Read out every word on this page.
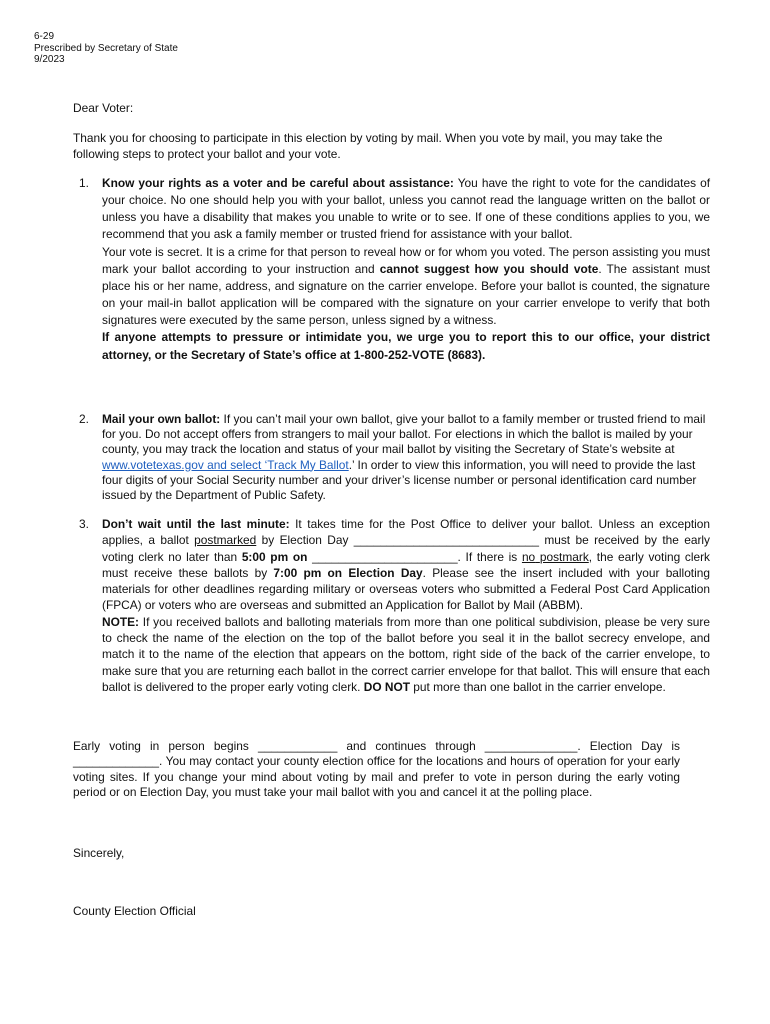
6-29
Prescribed by Secretary of State
9/2023
Dear Voter:
Thank you for choosing to participate in this election by voting by mail. When you vote by mail, you may take the following steps to protect your ballot and your vote.
1. Know your rights as a voter and be careful about assistance: You have the right to vote for the candidates of your choice. No one should help you with your ballot, unless you cannot read the language written on the ballot or unless you have a disability that makes you unable to write or to see. If one of these conditions applies to you, we recommend that you ask a family member or trusted friend for assistance with your ballot.
Your vote is secret. It is a crime for that person to reveal how or for whom you voted. The person assisting you must mark your ballot according to your instruction and cannot suggest how you should vote. The assistant must place his or her name, address, and signature on the carrier envelope. Before your ballot is counted, the signature on your mail-in ballot application will be compared with the signature on your carrier envelope to verify that both signatures were executed by the same person, unless signed by a witness.
If anyone attempts to pressure or intimidate you, we urge you to report this to our office, your district attorney, or the Secretary of State’s office at 1-800-252-VOTE (8683).
2. Mail your own ballot: If you can’t mail your own ballot, give your ballot to a family member or trusted friend to mail for you. Do not accept offers from strangers to mail your ballot. For elections in which the ballot is mailed by your county, you may track the location and status of your mail ballot by visiting the Secretary of State’s website at www.votetexas.gov and select ‘Track My Ballot.’ In order to view this information, you will need to provide the last four digits of your Social Security number and your driver’s license number or personal identification card number issued by the Department of Public Safety.
3. Don’t wait until the last minute: It takes time for the Post Office to deliver your ballot. Unless an exception applies, a ballot postmarked by Election Day ____________________________ must be received by the early voting clerk no later than 5:00 pm on ______________________. If there is no postmark, the early voting clerk must receive these ballots by 7:00 pm on Election Day. Please see the insert included with your balloting materials for other deadlines regarding military or overseas voters who submitted a Federal Post Card Application (FPCA) or voters who are overseas and submitted an Application for Ballot by Mail (ABBM).
NOTE: If you received ballots and balloting materials from more than one political subdivision, please be very sure to check the name of the election on the top of the ballot before you seal it in the ballot secrecy envelope, and match it to the name of the election that appears on the bottom, right side of the back of the carrier envelope, to make sure that you are returning each ballot in the correct carrier envelope for that ballot. This will ensure that each ballot is delivered to the proper early voting clerk. DO NOT put more than one ballot in the carrier envelope.
Early voting in person begins ____________ and continues through ______________. Election Day is _____________. You may contact your county election office for the locations and hours of operation for your early voting sites. If you change your mind about voting by mail and prefer to vote in person during the early voting period or on Election Day, you must take your mail ballot with you and cancel it at the polling place.
Sincerely,
County Election Official
